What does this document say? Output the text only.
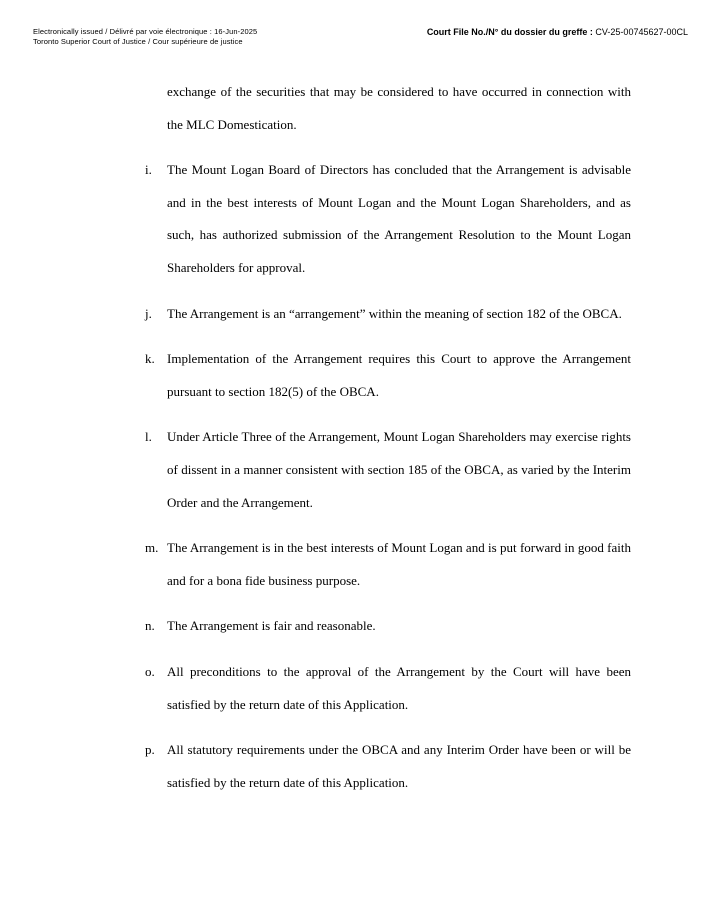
Electronically issued / Délivré par voie électronique : 16-Jun-2025
Toronto Superior Court of Justice / Cour supérieure de justice
Court File No./N° du dossier du greffe : CV-25-00745627-00CL

exchange of the securities that may be considered to have occurred in connection with the MLC Domestication.

i.	The Mount Logan Board of Directors has concluded that the Arrangement is advisable and in the best interests of Mount Logan and the Mount Logan Shareholders, and as such, has authorized submission of the Arrangement Resolution to the Mount Logan Shareholders for approval.
j.	The Arrangement is an “arrangement” within the meaning of section 182 of the OBCA.
k. Implementation of the Arrangement requires this Court to approve the Arrangement pursuant to section 182(5) of the OBCA.
l.	Under Article Three of the Arrangement, Mount Logan Shareholders may exercise rights of dissent in a manner consistent with section 185 of the OBCA, as varied by the Interim Order and the Arrangement.
m. The Arrangement is in the best interests of Mount Logan and is put forward in good faith and for a bona fide business purpose.
n. The Arrangement is fair and reasonable.
o. All preconditions to the approval of the Arrangement by the Court will have been satisfied by the return date of this Application.
p. All statutory requirements under the OBCA and any Interim Order have been or will be satisfied by the return date of this Application.
